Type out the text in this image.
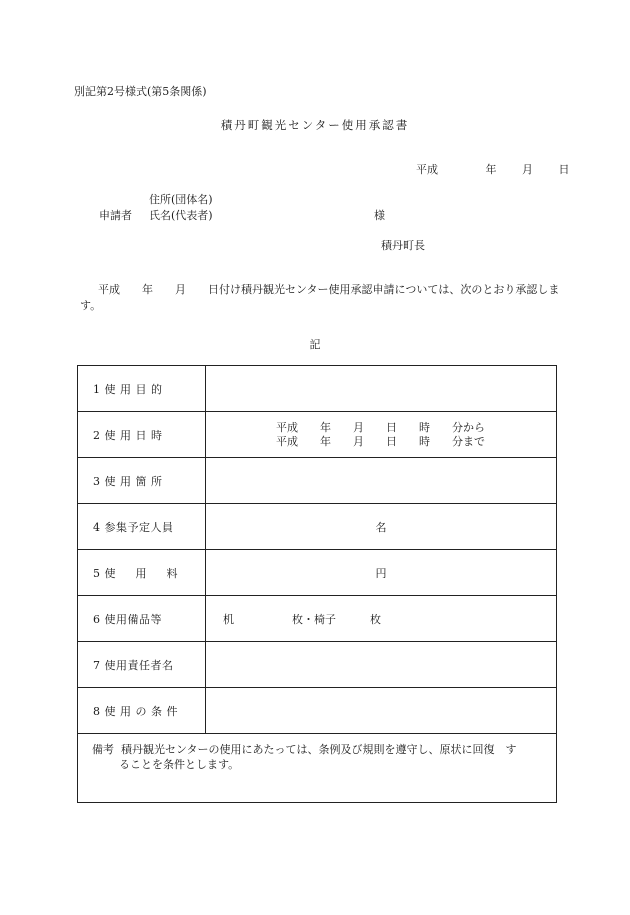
別記第2号様式(第5条関係)
積丹町観光センター使用承認書
平成	年 月 日
住所(団体名)
申請者 氏名(代表者)	様
積丹町長
平成 年 月 日付け積丹観光センター使用承認申請については、次のとおり承認します。
記
1 使 用 目 的	
2 使 用 日 時	平成 年 月 日 時 分から
平成 年 月 日 時 分まで

3 使 用 箇 所	
4 参集予定人員	名
5 使 　 用 　 料	円
6 使用備品等	机 枚・椅子 枚
7 使用責任者名	
8 使 用 の 条 件	
備考 積丹観光センターの使用にあたっては、条例及び規則を遵守し、原状に回復　す
ることを条件とします。	
